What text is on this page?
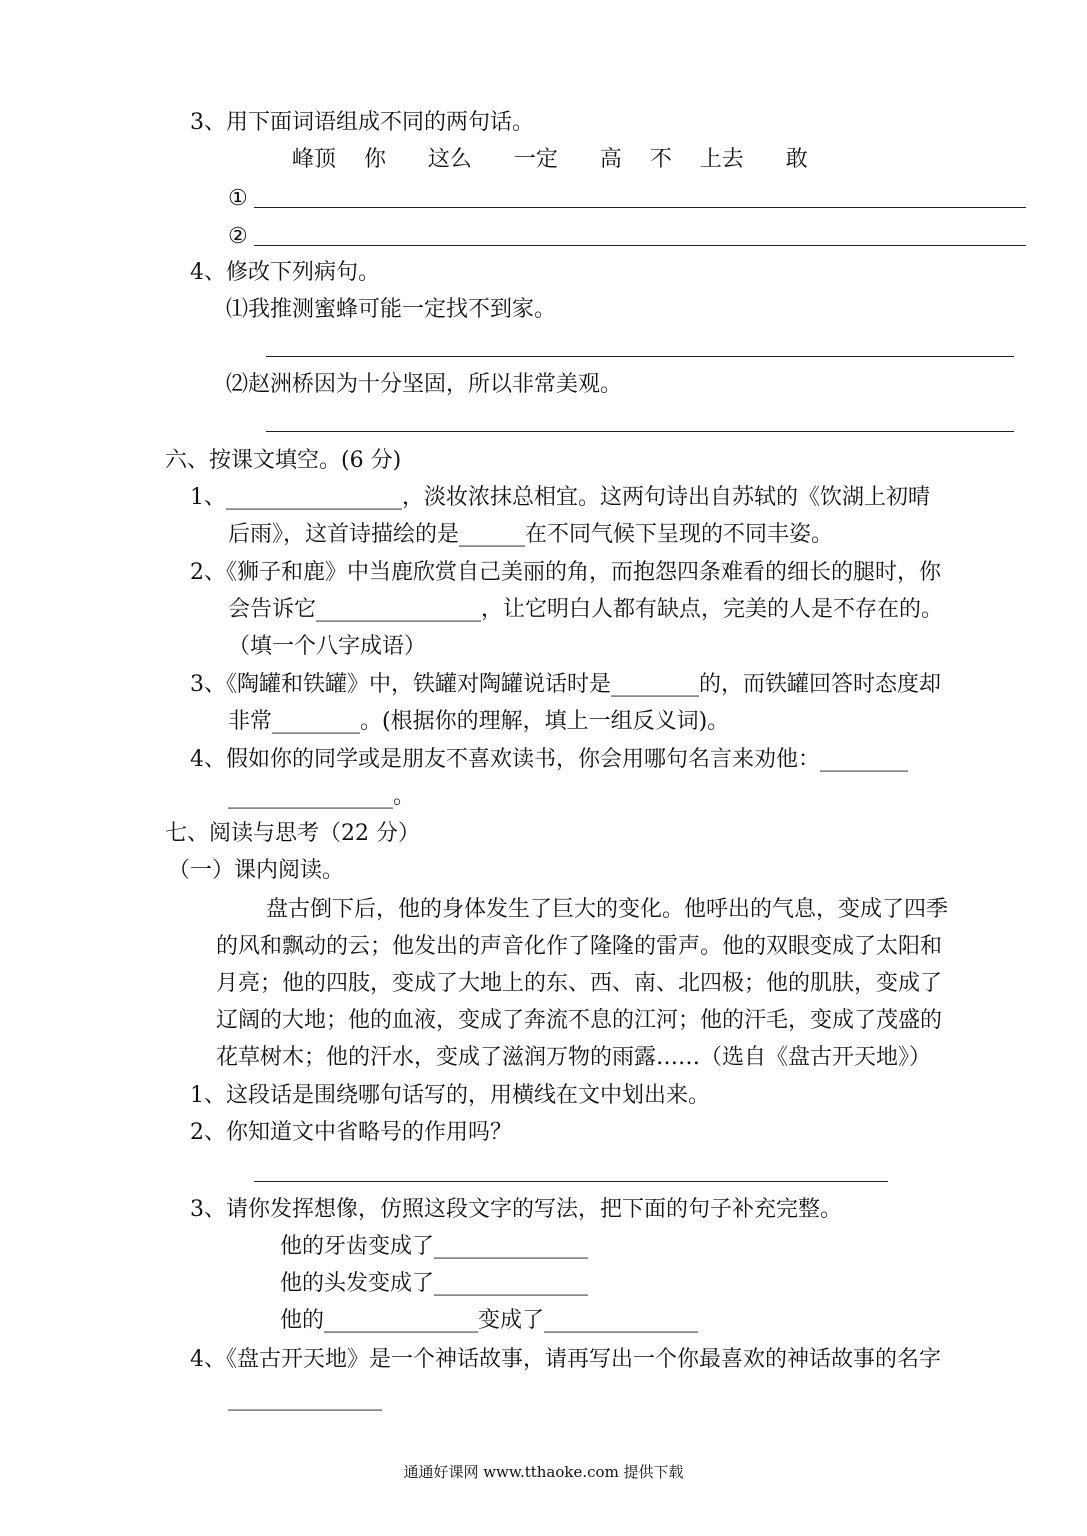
3、用下面词语组成不同的两句话。
峰顶    你      这么      一定      高    不    上去      敢
①
②
4、修改下列病句。
⑴我推测蜜蜂可能一定找不到家。
⑵赵洲桥因为十分坚固，所以非常美观。
六、按课文填空。(6 分)
1、________________，淡妆浓抹总相宜。这两句诗出自苏轼的《饮湖上初晴
后雨》，这首诗描绘的是______在不同气候下呈现的不同丰姿。
2、《狮子和鹿》中当鹿欣赏自己美丽的角，而抱怨四条难看的细长的腿时，你
会告诉它_______________，让它明白人都有缺点，完美的人是不存在的。
（填一个八字成语）
3、《陶罐和铁罐》中，铁罐对陶罐说话时是________的，而铁罐回答时态度却
非常________。(根据你的理解，填上一组反义词)。
4、假如你的同学或是朋友不喜欢读书，你会用哪句名言来劝他：________
_______________。
七、阅读与思考（22 分）
（一）课内阅读。
盘古倒下后，他的身体发生了巨大的变化。他呼出的气息，变成了四季
的风和飘动的云；他发出的声音化作了隆隆的雷声。他的双眼变成了太阳和
月亮；他的四肢，变成了大地上的东、西、南、北四极；他的肌肤，变成了
辽阔的大地；他的血液，变成了奔流不息的江河；他的汗毛，变成了茂盛的
花草树木；他的汗水，变成了滋润万物的雨露……（选自《盘古开天地》）
1、这段话是围绕哪句话写的，用横线在文中划出来。
2、你知道文中省略号的作用吗？
3、请你发挥想像，仿照这段文字的写法，把下面的句子补充完整。
他的牙齿变成了______________
他的头发变成了______________
他的______________变成了______________
4、《盘古开天地》是一个神话故事，请再写出一个你最喜欢的神话故事的名字
______________
通通好课网 www.tthaoke.com 提供下载
